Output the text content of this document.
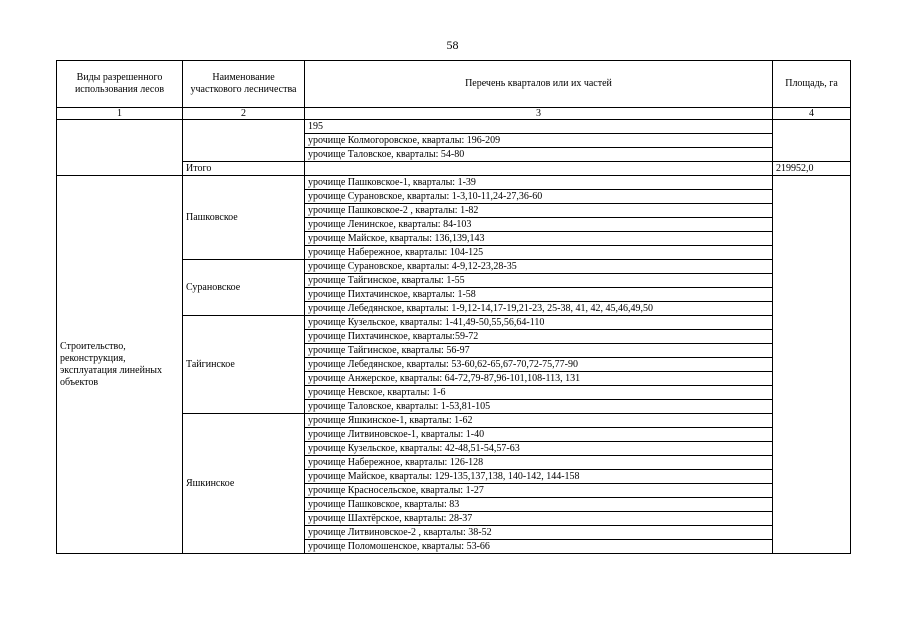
58
Виды разрешенного использования лесов	Наименование участкового лесничества	Перечень кварталов или их частей	Площадь, га
1	2	3	4
		195	
		урочище Колмогоровское, кварталы: 196-209	
		урочище Таловское, кварталы: 54-80	
	Итого		219952,0
Строительство, реконструкция, эксплуатация линейных объектов	Пашковское	урочище Пашковское-1, кварталы: 1-39	
		урочище Сурановское, кварталы: 1-3,10-11,24-27,36-60	
		урочище Пашковское-2 , кварталы: 1-82	
		урочище Ленинское, кварталы: 84-103	
		урочище Майское, кварталы: 136,139,143	
		урочище Набережное, кварталы: 104-125	
	Сурановское	урочище Сурановское, кварталы: 4-9,12-23,28-35	
		урочище Тайгинское, кварталы: 1-55	
		урочище Пихтачинское, кварталы: 1-58	
		урочище Лебедянское, кварталы: 1-9,12-14,17-19,21-23, 25-38, 41, 42, 45,46,49,50	
	Тайгинское	урочище Кузельское, кварталы: 1-41,49-50,55,56,64-110	
		урочище Пихтачинское, кварталы:59-72	
		урочище Тайгинское, кварталы: 56-97	
		урочище Лебедянское, кварталы: 53-60,62-65,67-70,72-75,77-90	
		урочище Анжерское, кварталы: 64-72,79-87,96-101,108-113, 131	
		урочище Невское, кварталы: 1-6	
		урочище Таловское, кварталы: 1-53,81-105	
	Яшкинское	урочище Яшкинское-1, кварталы: 1-62	
		урочище Литвиновское-1, кварталы: 1-40	
		урочище Кузельское, кварталы: 42-48,51-54,57-63	
		урочище Набережное, кварталы: 126-128	
		урочище Майское, кварталы: 129-135,137,138, 140-142, 144-158	
		урочище Красносельское, кварталы: 1-27	
		урочище Пашковское, кварталы: 83	
		урочище Шахтёрское, кварталы: 28-37	
		урочище Литвиновское-2 , кварталы: 38-52	
		урочище Поломошенское, кварталы: 53-66	
